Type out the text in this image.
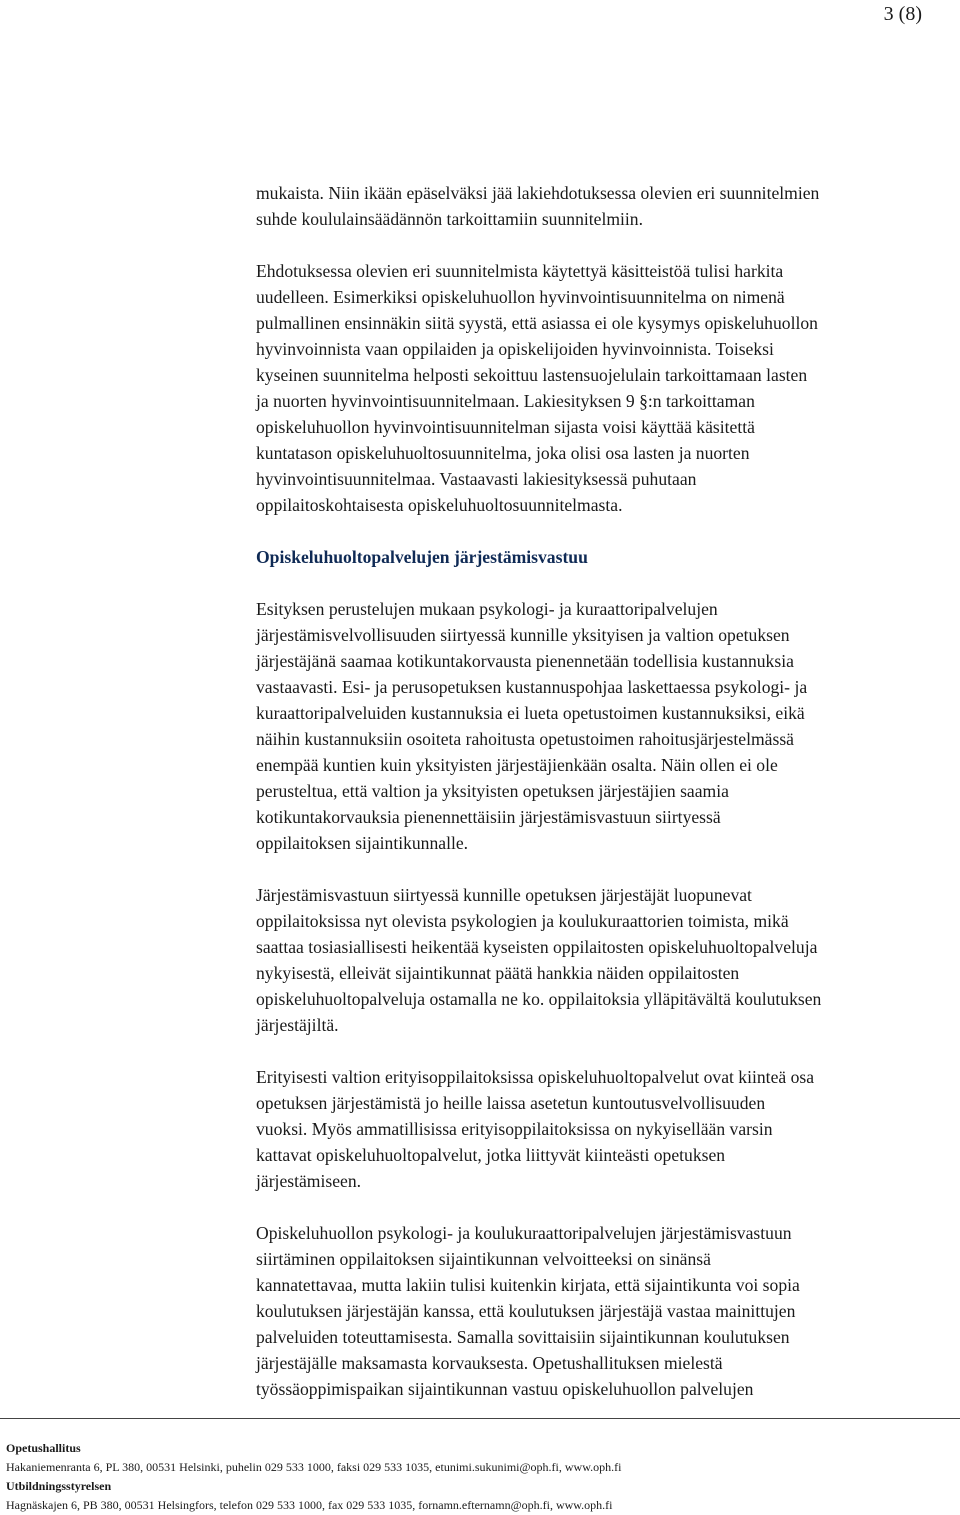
3 (8)
mukaista. Niin ikään epäselväksi jää lakiehdotuksessa olevien eri suunnitelmien
suhde koululainsäädännön tarkoittamiin suunnitelmiin.
Ehdotuksessa olevien eri suunnitelmista käytettyä käsitteistöä tulisi harkita
uudelleen. Esimerkiksi opiskeluhuollon hyvinvointisuunnitelma on nimenä
pulmallinen ensinnäkin siitä syystä, että asiassa ei ole kysymys opiskeluhuollon
hyvinvoinnista vaan oppilaiden ja opiskelijoiden hyvinvoinnista. Toiseksi
kyseinen suunnitelma helposti sekoittuu lastensuojelulain tarkoittamaan lasten
ja nuorten hyvinvointisuunnitelmaan. Lakiesityksen 9 §:n tarkoittaman
opiskeluhuollon hyvinvointisuunnitelman sijasta voisi käyttää käsitettä
kuntatason opiskeluhuoltosuunnitelma, joka olisi osa lasten ja nuorten
hyvinvointisuunnitelmaa. Vastaavasti lakiesityksessä puhutaan
oppilaitoskohtaisesta opiskeluhuoltosuunnitelmasta.
Opiskeluhuoltopalvelujen järjestämisvastuu
Esityksen perustelujen mukaan psykologi- ja kuraattoripalvelujen
järjestämisvelvollisuuden siirtyessä kunnille yksityisen ja valtion opetuksen
järjestäjänä saamaa kotikuntakorvausta pienennetään todellisia kustannuksia
vastaavasti. Esi- ja perusopetuksen kustannuspohjaa laskettaessa psykologi- ja
kuraattoripalveluiden kustannuksia ei lueta opetustoimen kustannuksiksi, eikä
näihin kustannuksiin osoiteta rahoitusta opetustoimen rahoitusjärjestelmässä
enempää kuntien kuin yksityisten järjestäjienkään osalta. Näin ollen ei ole
perusteltua, että valtion ja yksityisten opetuksen järjestäjien saamia
kotikuntakorvauksia pienennettäisiin järjestämisvastuun siirtyessä
oppilaitoksen sijaintikunnalle.
Järjestämisvastuun siirtyessä kunnille opetuksen järjestäjät luopunevat
oppilaitoksissa nyt olevista psykologien ja koulukuraattorien toimista, mikä
saattaa tosiasiallisesti heikentää kyseisten oppilaitosten opiskeluhuoltopalveluja
nykyisestä, elleivät sijaintikunnat päätä hankkia näiden oppilaitosten
opiskeluhuoltopalveluja ostamalla ne ko. oppilaitoksia ylläpitävältä koulutuksen
järjestäjiltä.
Erityisesti valtion erityisoppilaitoksissa opiskeluhuoltopalvelut ovat kiinteä osa
opetuksen järjestämistä jo heille laissa asetetun kuntoutusvelvollisuuden
vuoksi. Myös ammatillisissa erityisoppilaitoksissa on nykyisellään varsin
kattavat opiskeluhuoltopalvelut, jotka liittyvät kiinteästi opetuksen
järjestämiseen.
Opiskeluhuollon psykologi- ja koulukuraattoripalvelujen järjestämisvastuun
siirtäminen oppilaitoksen sijaintikunnan velvoitteeksi on sinänsä
kannatettavaa, mutta lakiin tulisi kuitenkin kirjata, että sijaintikunta voi sopia
koulutuksen järjestäjän kanssa, että koulutuksen järjestäjä vastaa mainittujen
palveluiden toteuttamisesta. Samalla sovittaisiin sijaintikunnan koulutuksen
järjestäjälle maksamasta korvauksesta. Opetushallituksen mielestä
työssäoppimispaikan sijaintikunnan vastuu opiskeluhuollon palvelujen
Opetushallitus
Hakaniemenranta 6, PL 380, 00531 Helsinki, puhelin 029 533 1000, faksi 029 533 1035, etunimi.sukunimi@oph.fi, www.oph.fi
Utbildningsstyrelsen
Hagnäskajen 6, PB 380, 00531 Helsingfors, telefon 029 533 1000, fax 029 533 1035, fornamn.efternamn@oph.fi, www.oph.fi
